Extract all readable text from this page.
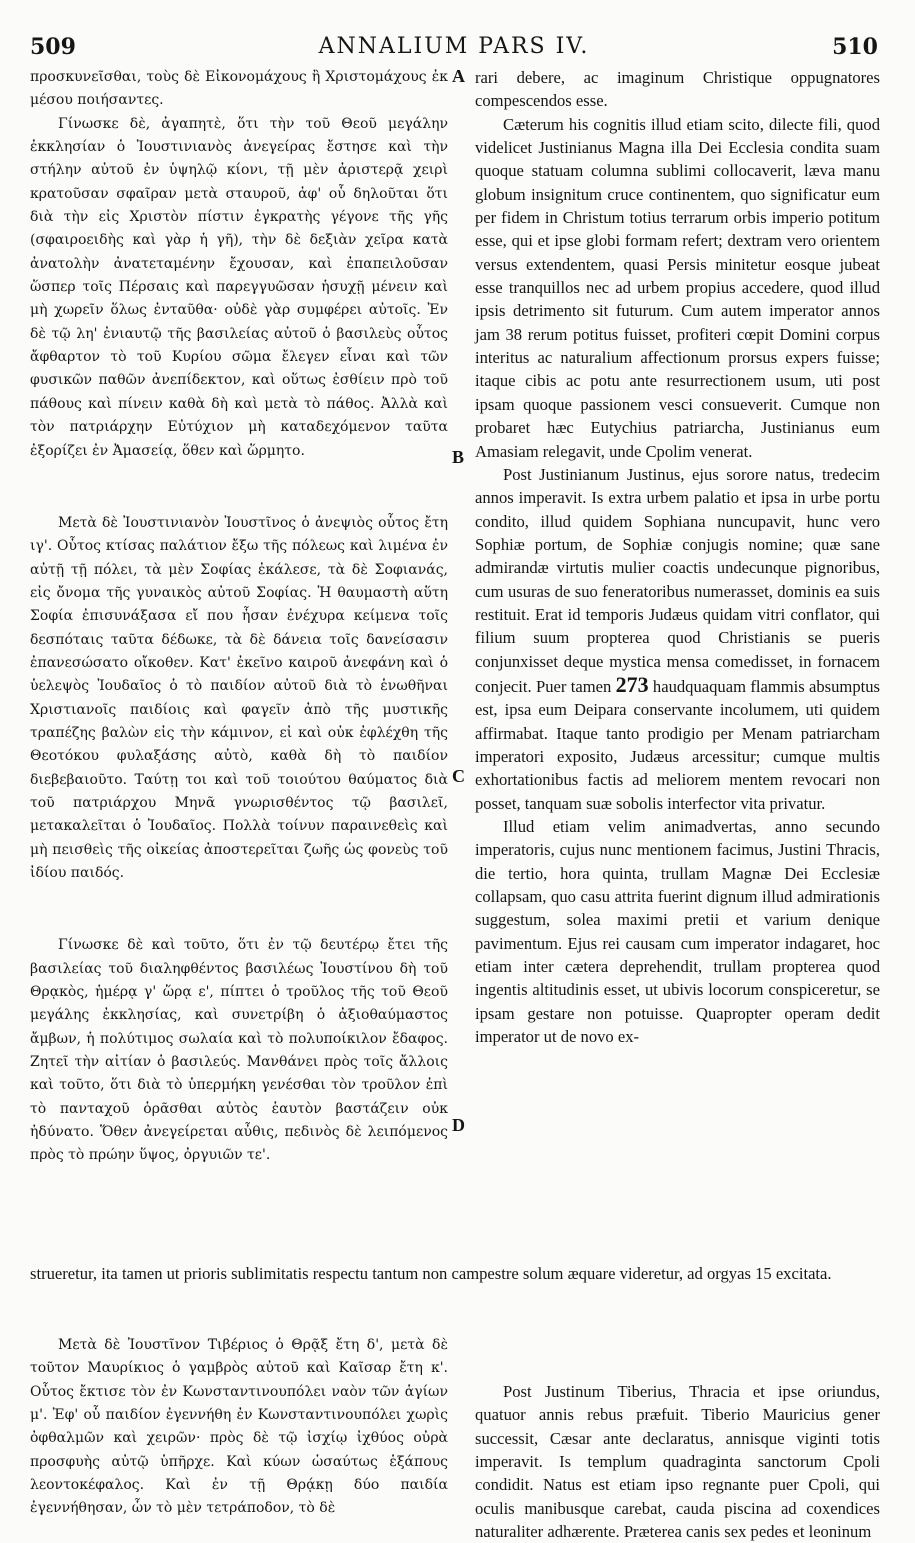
509	ANNALIUM PARS IV.	510
A
B
C
D

προσκυνεῖσθαι, τοὺς δὲ Εἰκονομάχους ἢ Χριστομάχους ἐκ μέσου ποιήσαντες.

Γίνωσκε δὲ, ἀγαπητὲ, ὅτι τὴν τοῦ Θεοῦ μεγάλην ἐκκλησίαν ὁ Ἰουστινιανὸς ἀνεγείρας ἔστησε καὶ τὴν στήλην αὐτοῦ ἐν ὑψηλῷ κίονι, τῇ μὲν ἀριστερᾷ χειρὶ κρατοῦσαν σφαῖραν μετὰ σταυροῦ, ἀφ' οὗ δηλοῦται ὅτι διὰ τὴν εἰς Χριστὸν πίστιν ἐγκρατὴς γέγονε τῆς γῆς (σφαιροειδὴς καὶ γὰρ ἡ γῆ), τὴν δὲ δεξιὰν χεῖρα κατὰ ἀνατολὴν ἀνατεταμένην ἔχουσαν, καὶ ἐπαπειλοῦσαν ὥσπερ τοῖς Πέρσαις καὶ παρεγγυῶσαν ἡσυχῇ μένειν καὶ μὴ χωρεῖν ὅλως ἐνταῦθα· οὐδὲ γὰρ συμφέρει αὐτοῖς. Ἐν δὲ τῷ λη' ἐνιαυτῷ τῆς βασιλείας αὐτοῦ ὁ βασιλεὺς οὗτος ἄφθαρτον τὸ τοῦ Κυρίου σῶμα ἔλεγεν εἶναι καὶ τῶν φυσικῶν παθῶν ἀνεπίδεκτον, καὶ οὕτως ἐσθίειν πρὸ τοῦ πάθους καὶ πίνειν καθὰ δὴ καὶ μετὰ τὸ πάθος. Ἀλλὰ καὶ τὸν πατριάρχην Εὐτύχιον μὴ καταδεχόμενον ταῦτα ἐξορίζει ἐν Ἀμασείᾳ, ὅθεν καὶ ὥρμητο.

Μετὰ δὲ Ἰουστινιανὸν Ἰουστῖνος ὁ ἀνεψιὸς οὗτος ἔτη ιγ'. Οὗτος κτίσας παλάτιον ἔξω τῆς πόλεως καὶ λιμένα ἐν αὐτῇ τῇ πόλει, τὰ μὲν Σοφίας ἐκάλεσε, τὰ δὲ Σοφιανάς, εἰς ὄνομα τῆς γυναικὸς αὐτοῦ Σοφίας. Ἡ θαυμαστὴ αὕτη Σοφία ἐπισυνάξασα εἴ που ἦσαν ἐνέχυρα κείμενα τοῖς δεσπόταις ταῦτα δέδωκε, τὰ δὲ δάνεια τοῖς δανείσασιν ἐπανεσώσατο οἴκοθεν. Κατ' ἐκεῖνο καιροῦ ἀνεφάνη καὶ ὁ ὑελεψὸς Ἰουδαῖος ὁ τὸ παιδίον αὐτοῦ διὰ τὸ ἑνωθῆναι Χριστιανοῖς παιδίοις καὶ φαγεῖν ἀπὸ τῆς μυστικῆς τραπέζης βαλὼν εἰς τὴν κάμινον, εἰ καὶ οὐκ ἐφλέχθη τῆς Θεοτόκου φυλαξάσης αὐτὸ, καθὰ δὴ τὸ παιδίον διεβεβαιοῦτο. Ταύτῃ τοι καὶ τοῦ τοιούτου θαύματος διὰ τοῦ πατριάρχου Μηνᾶ γνωρισθέντος τῷ βασιλεῖ, μετακαλεῖται ὁ Ἰουδαῖος. Πολλὰ τοίνυν παραινεθεὶς καὶ μὴ πεισθεὶς τῆς οἰκείας ἀποστερεῖται ζωῆς ὡς φονεὺς τοῦ ἰδίου παιδός.

Γίνωσκε δὲ καὶ τοῦτο, ὅτι ἐν τῷ δευτέρῳ ἔτει τῆς βασιλείας τοῦ διαληφθέντος βασιλέως Ἰουστίνου δὴ τοῦ Θρᾳκὸς, ἡμέρᾳ γ' ὥρᾳ ε', πίπτει ὁ τροῦλος τῆς τοῦ Θεοῦ μεγάλης ἐκκλησίας, καὶ συνετρίβη ὁ ἀξιοθαύμαστος ἄμβων, ἡ πολύτιμος σωλαία καὶ τὸ πολυποίκιλον ἔδαφος. Ζητεῖ τὴν αἰτίαν ὁ βασιλεύς. Μανθάνει πρὸς τοῖς ἄλλοις καὶ τοῦτο, ὅτι διὰ τὸ ὑπερμήκη γενέσθαι τὸν τροῦλον ἐπὶ τὸ πανταχοῦ ὁρᾶσθαι αὐτὸς ἑαυτὸν βαστάζειν οὐκ ἠδύνατο. Ὅθεν ἀνεγείρεται αὖθις, πεδινὸς δὲ λειπόμενος πρὸς τὸ πρώην ὕψος, ὀργυιῶν τε'.

rari debere, ac imaginum Christique oppugnatores compescendos esse.

Cæterum his cognitis illud etiam scito, dilecte fili, quod videlicet Justinianus Magna illa Dei Ecclesia condita suam quoque statuam columna sublimi collocaverit, læva manu globum insignitum cruce continentem, quo significatur eum per fidem in Christum totius terrarum orbis imperio potitum esse, qui et ipse globi formam refert; dextram vero orientem versus extendentem, quasi Persis minitetur eosque jubeat esse tranquillos nec ad urbem propius accedere, quod illud ipsis detrimento sit futurum. Cum autem imperator annos jam 38 rerum potitus fuisset, profiteri cœpit Domini corpus interitus ac naturalium affectionum prorsus expers fuisse; itaque cibis ac potu ante resurrectionem usum, uti post ipsam quoque passionem vesci consueverit. Cumque non probaret hæc Eutychius patriarcha, Justinianus eum Amasiam relegavit, unde Cpolim venerat.

Post Justinianum Justinus, ejus sorore natus, tredecim annos imperavit. Is extra urbem palatio et ipsa in urbe portu condito, illud quidem Sophiana nuncupavit, hunc vero Sophiæ portum, de Sophiæ conjugis nomine; quæ sane admirandæ virtutis mulier coactis undecunque pignoribus, cum usuras de suo feneratoribus numerasset, dominis ea suis restituit. Erat id temporis Judæus quidam vitri conflator, qui filium suum propterea quod Christianis se pueris conjunxisset deque mystica mensa comedisset, in fornacem conjecit. Puer tamen 273 haudquaquam flammis absumptus est, ipsa eum Deipara conservante incolumem, uti quidem affirmabat. Itaque tanto prodigio per Menam patriarcham imperatori exposito, Judæus arcessitur; cumque multis exhortationibus factis ad meliorem mentem revocari non posset, tanquam suæ sobolis interfector vita privatur.

Illud etiam velim animadvertas, anno secundo imperatoris, cujus nunc mentionem facimus, Justini Thracis, die tertio, hora quinta, trullam Magnæ Dei Ecclesiæ collapsam, quo casu attrita fuerint dignum illud admirationis suggestum, solea maximi pretii et varium denique pavimentum. Ejus rei causam cum imperator indagaret, hoc etiam inter cætera deprehendit, trullam propterea quod ingentis altitudinis esset, ut ubivis locorum conspiceretur, se ipsam gestare non potuisse. Quapropter operam dedit imperator ut de novo ex-

strueretur, ita tamen ut prioris sublimitatis respectu tantum non campestre solum æquare videretur, ad orgyas 15 excitata.

Μετὰ δὲ Ἰουστῖνον Τιβέριος ὁ Θρᾷξ ἔτη δ', μετὰ δὲ τοῦτον Μαυρίκιος ὁ γαμβρὸς αὐτοῦ καὶ Καῖσαρ ἔτη κ'. Οὗτος ἔκτισε τὸν ἐν Κωνσταντινουπόλει ναὸν τῶν ἁγίων μ'. Ἐφ' οὗ παιδίον ἐγεννήθη ἐν Κωνσταντινουπόλει χωρὶς ὀφθαλμῶν καὶ χειρῶν· πρὸς δὲ τῷ ἰσχίῳ ἰχθύος οὐρὰ προσφυὴς αὐτῷ ὑπῆρχε. Καὶ κύων ὡσαύτως ἑξάπους λεοντοκέφαλος. Καὶ ἐν τῇ Θρᾴκῃ δύο παιδία ἐγεννήθησαν, ὧν τὸ μὲν τετράποδον, τὸ δὲ

Post Justinum Tiberius, Thracia et ipse oriundus, quatuor annis rebus præfuit. Tiberio Mauricius gener successit, Cæsar ante declaratus, annisque viginti totis imperavit. Is templum quadraginta sanctorum Cpoli condidit. Natus est etiam ipso regnante puer Cpoli, qui oculis manibusque carebat, cauda piscina ad coxendices naturaliter adhærente. Præterea canis sex pedes et leoninum
